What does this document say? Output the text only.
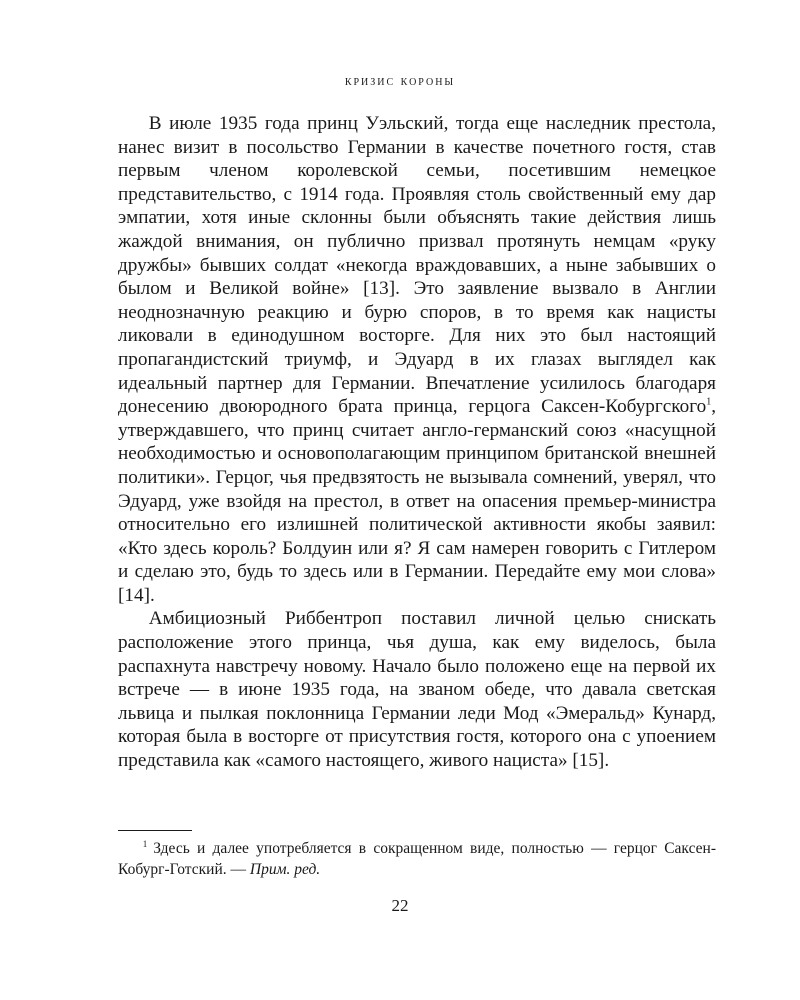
кризис короны

В июле 1935 года принц Уэльский, тогда еще наследник престола, нанес визит в посольство Германии в качестве почетного гостя, став первым членом королевской семьи, посетившим немецкое представительство, с 1914 года. Проявляя столь свойственный ему дар эмпатии, хотя иные склонны были объяснять такие действия лишь жаждой внимания, он публично призвал протянуть немцам «руку дружбы» бывших солдат «некогда враждовавших, а ныне забывших о былом и Великой войне» [13]. Это заявление вызвало в Англии неоднозначную реакцию и бурю споров, в то время как нацисты ликовали в единодушном восторге. Для них это был настоящий пропагандистский триумф, и Эдуард в их глазах выглядел как идеальный партнер для Германии. Впечатление усилилось благодаря донесению двоюродного брата принца, герцога Саксен-Кобургского$^1$, утверждавшего, что принц считает англо-германский союз «насущной необходимостью и основополагающим принципом британской внешней политики». Герцог, чья предвзятость не вызывала сомнений, уверял, что Эдуард, уже взойдя на престол, в ответ на опасения премьер-министра относительно его излишней политической активности якобы заявил: «Кто здесь король? Болдуин или я? Я сам намерен говорить с Гитлером и сделаю это, будь то здесь или в Германии. Передайте ему мои слова» [14].

Амбициозный Риббентроп поставил личной целью снискать расположение этого принца, чья душа, как ему виделось, была распахнута навстречу новому. Начало было положено еще на первой их встрече — в июне 1935 года, на званом обеде, что давала светская львица и пылкая поклонница Германии леди Мод «Эмеральд» Кунард, которая была в восторге от присутствия гостя, которого она с упоением представила как «самого настоящего, живого нациста» [15].

$^1$ Здесь и далее употребляется в сокращенном виде, полностью — герцог Саксен-Кобург-Готский. — Прим. ред.
22
